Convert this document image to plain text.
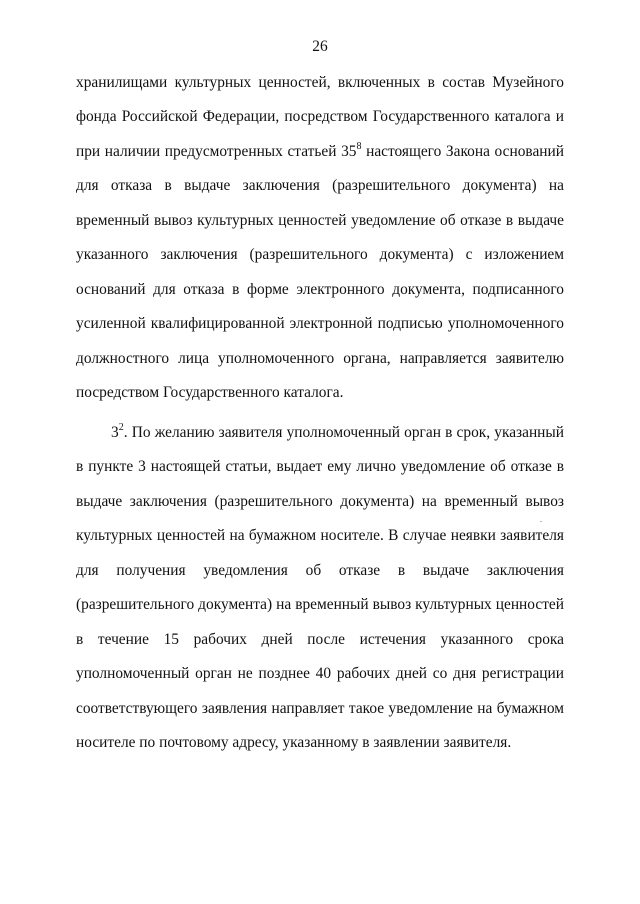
26
хранилищами культурных ценностей, включенных в состав Музейного
фонда Российской Федерации, посредством Государственного каталога и
при наличии предусмотренных статьей $35^8$ настоящего Закона оснований
для отказа в выдаче заключения (разрешительного документа) на
временный вывоз культурных ценностей уведомление об отказе в выдаче
указанного заключения (разрешительного документа) с изложением
оснований для отказа в форме электронного документа, подписанного
усиленной квалифицированной электронной подписью уполномоченного
должностного лица уполномоченного органа, направляется заявителю
посредством Государственного каталога.
$3^2$. По желанию заявителя уполномоченный орган в срок, указанный
в пункте 3 настоящей статьи, выдает ему лично уведомление об отказе в
выдаче заключения (разрешительного документа) на временный вывоз
культурных ценностей на бумажном носителе. В случае неявки заявителя
для получения уведомления об отказе в выдаче заключения
(разрешительного документа) на временный вывоз культурных ценностей
в течение 15 рабочих дней после истечения указанного срока
уполномоченный орган не позднее 40 рабочих дней со дня регистрации
соответствующего заявления направляет такое уведомление на бумажном
носителе по почтовому адресу, указанному в заявлении заявителя.
